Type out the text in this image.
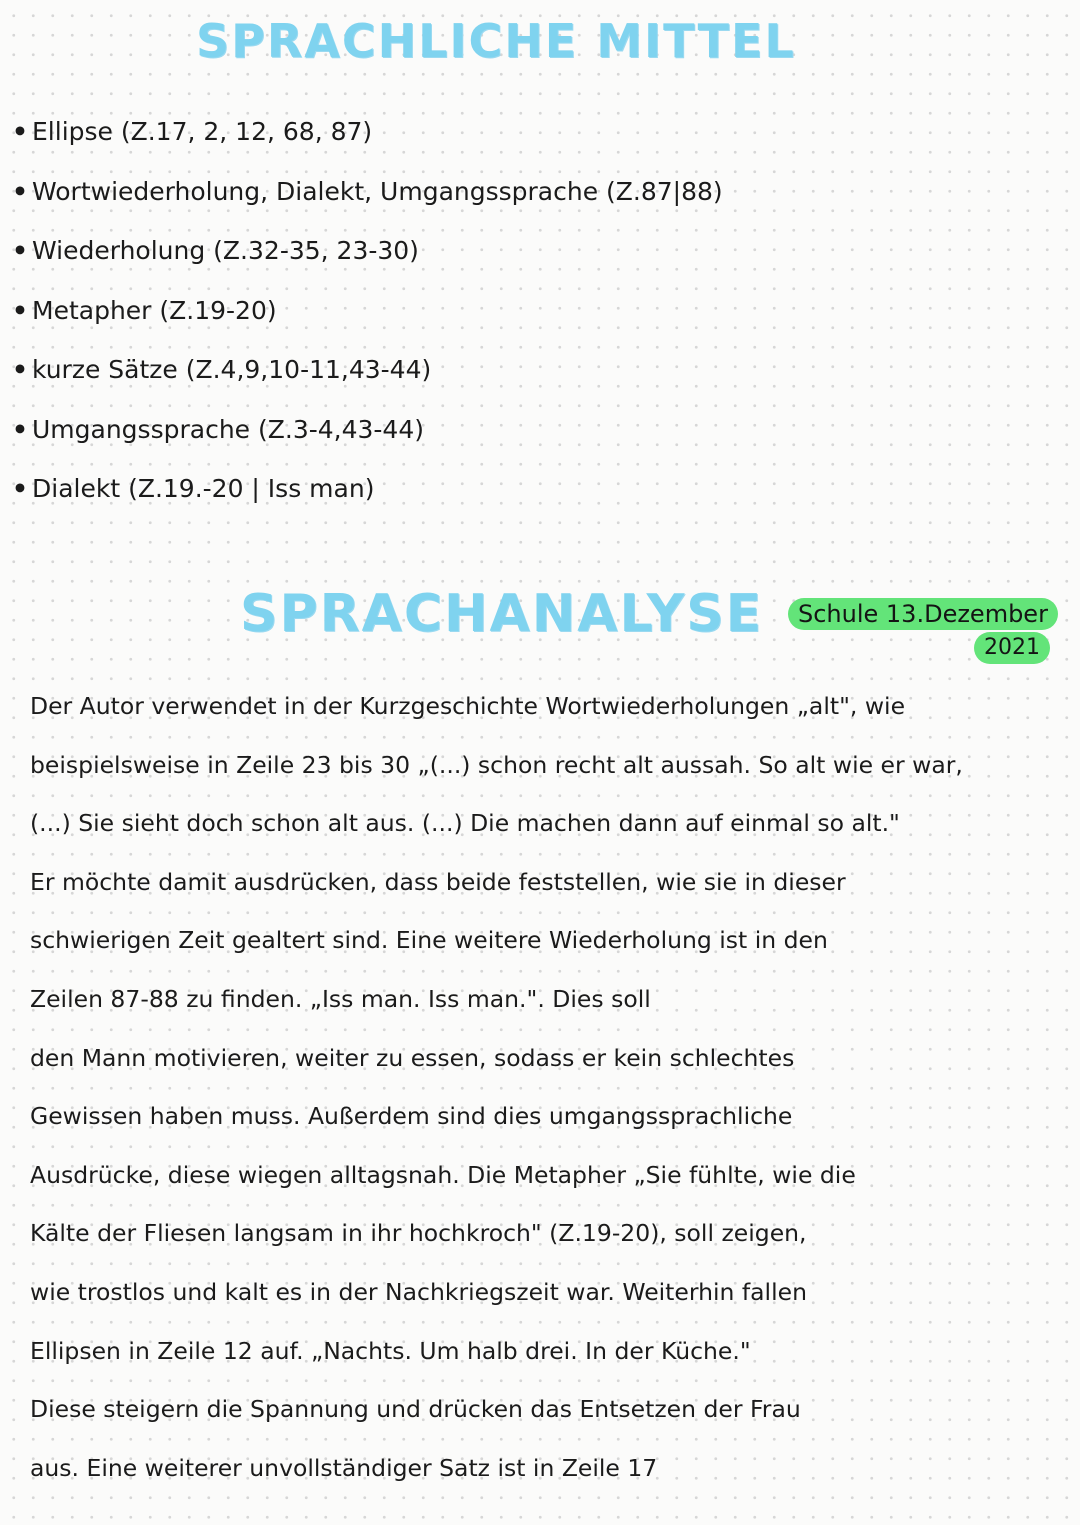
SPRACHLICHE MITTEL
• Ellipse (Z.17, 2, 12, 68, 87)
• Wortwiederholung, Dialekt, Umgangssprache (Z.87|88)
• Wiederholung (Z.32-35, 23-30)
• Metapher (Z.19-20)
• kurze Sätze (Z.4,9,10-11,43-44)
• Umgangssprache (Z.3-4,43-44)
• Dialekt (Z.19.-20 | Iss man)
SPRACHANALYSE	Schule 13.Dezember
2021
Der Autor verwendet in der Kurzgeschichte Wortwiederholungen „alt", wie
beispielsweise in Zeile 23 bis 30 „(...) schon recht alt aussah. So alt wie er war,
(...) Sie sieht doch schon alt aus. (...) Die machen dann auf einmal so alt."
Er möchte damit ausdrücken, dass beide feststellen, wie sie in dieser
schwierigen Zeit gealtert sind. Eine weitere Wiederholung ist in den
Zeilen 87-88 zu finden. „Iss man. Iss man.". Dies soll
den Mann motivieren, weiter zu essen, sodass er kein schlechtes
Gewissen haben muss. Außerdem sind dies umgangssprachliche
Ausdrücke, diese wiegen alltagsnah. Die Metapher „Sie fühlte, wie die
Kälte der Fliesen langsam in ihr hochkroch" (Z.19-20), soll zeigen,
wie trostlos und kalt es in der Nachkriegszeit war. Weiterhin fallen
Ellipsen in Zeile 12 auf. „Nachts. Um halb drei. In der Küche."
Diese steigern die Spannung und drücken das Entsetzen der Frau
aus. Eine weiterer unvollständiger Satz ist in Zeile 17
